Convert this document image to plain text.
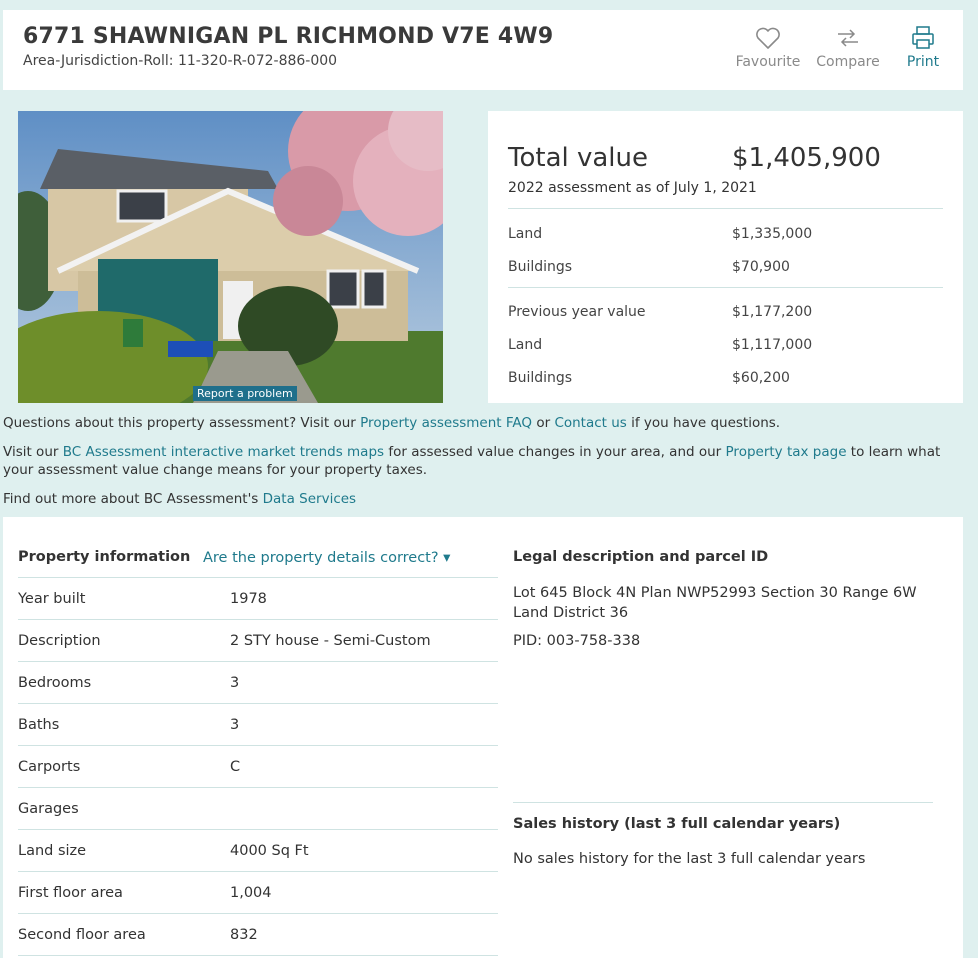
6771 SHAWNIGAN PL RICHMOND V7E 4W9
Area-Jurisdiction-Roll: 11-320-R-072-886-000	Favourite Compare	Print
Report a problem
Total value	$1,405,900
2022 assessment as of July 1, 2021
Land	$1,335,000
Buildings	$70,900
Previous year value	$1,177,200
Land	$1,117,000
Buildings	$60,200
Questions about this property assessment? Visit our Property assessment FAQ or Contact us if you have questions.
Visit our BC Assessment interactive market trends maps for assessed value changes in your area, and our Property tax page to learn what your assessment value change means for your property taxes.
Find out more about BC Assessment's Data Services
Property information Are the property details correct? ▾
Year built	1978
Description	2 STY house - Semi-Custom
Bedrooms	3
Baths	3
Carports	C
Garages
Land size	4000 Sq Ft
First floor area	1,004
Second floor area	832
Legal description and parcel ID
Lot 645 Block 4N Plan NWP52993 Section 30 Range 6W Land District 36
PID: 003-758-338
Sales history (last 3 full calendar years)
No sales history for the last 3 full calendar years
